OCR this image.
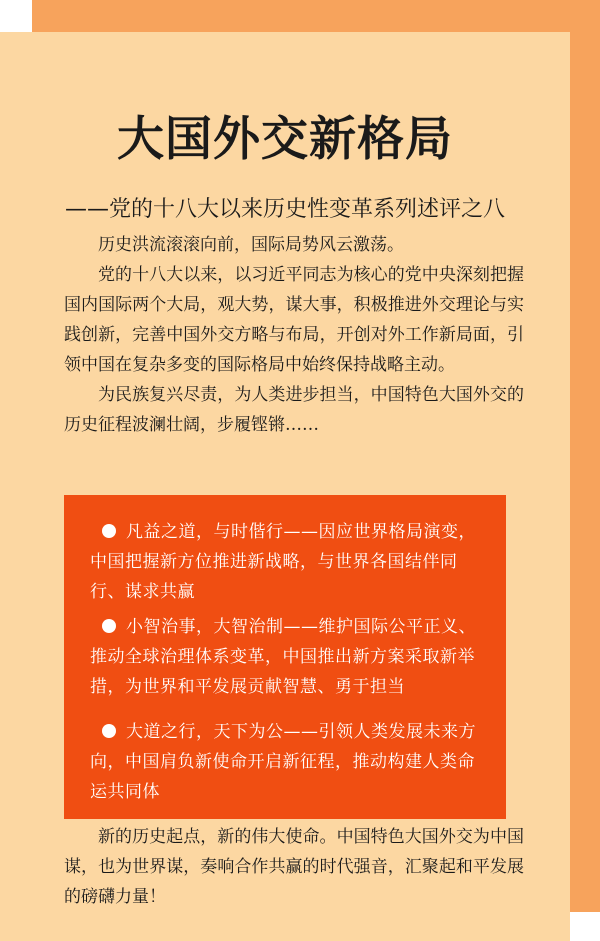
大国外交新格局
——党的十八大以来历史性变革系列述评之八

历史洪流滚滚向前，国际局势风云激荡。

党的十八大以来，以习近平同志为核心的党中央深刻把握国内国际两个大局，观大势，谋大事，积极推进外交理论与实践创新，完善中国外交方略与布局，开创对外工作新局面，引领中国在复杂多变的国际格局中始终保持战略主动。

为民族复兴尽责，为人类进步担当，中国特色大国外交的历史征程波澜壮阔，步履铿锵……

凡益之道，与时偕行——因应世界格局演变，中国把握新方位推进新战略，与世界各国结伴同行、谋求共赢
小智治事，大智治制——维护国际公平正义、推动全球治理体系变革，中国推出新方案采取新举措，为世界和平发展贡献智慧、勇于担当
大道之行，天下为公——引领人类发展未来方向，中国肩负新使命开启新征程，推动构建人类命运共同体

新的历史起点，新的伟大使命。中国特色大国外交为中国谋，也为世界谋，奏响合作共赢的时代强音，汇聚起和平发展的磅礴力量！
